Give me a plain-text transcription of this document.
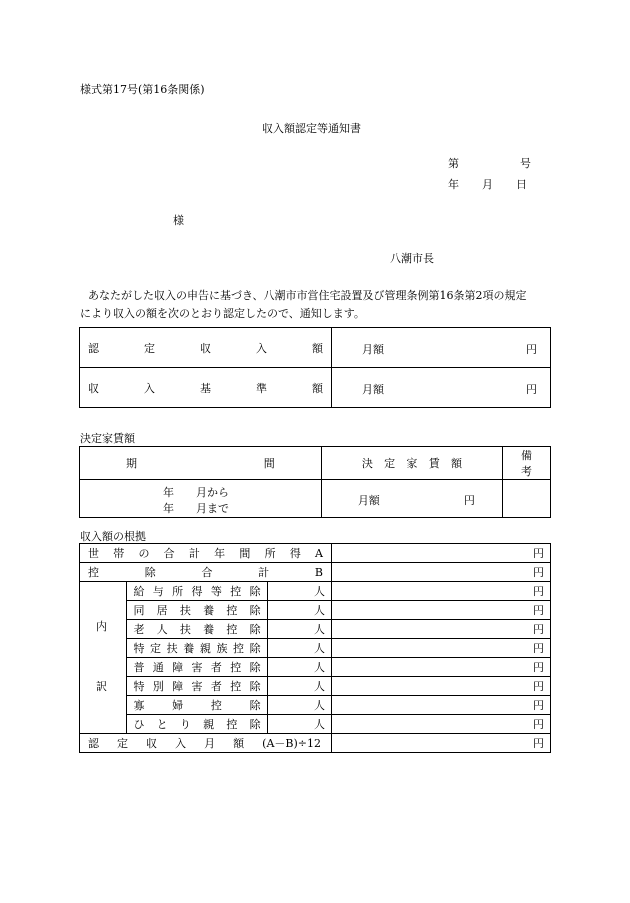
様式第17号(第16条関係)
収入額認定等通知書
第	号
年 月 日
様
八潮市長
あなたがした収入の申告に基づき、八潮市市営住宅設置及び管理条例第16条第2項の規定
により収入の額を次のとおり認定したので、通知します。
認定収入額	月額 円

収入基準額	月額 円
決定家賃額
期間	決定家賃額	備考

年　　月から
年　　月まで	月額 円	

収入額の根拠
世帯の合計年間所得A			円

控除合計B			円

内
訳	給与所得等控除	人	円

	同居扶養控除	人	円

	老人扶養控除	人	円

	特定扶養親族控除	人	円

	普通障害者控除	人	円

	特別障害者控除	人	円

	寡婦控除	人	円

	ひとり親控除	人	円

認定収入月額(A－B)÷12			円
